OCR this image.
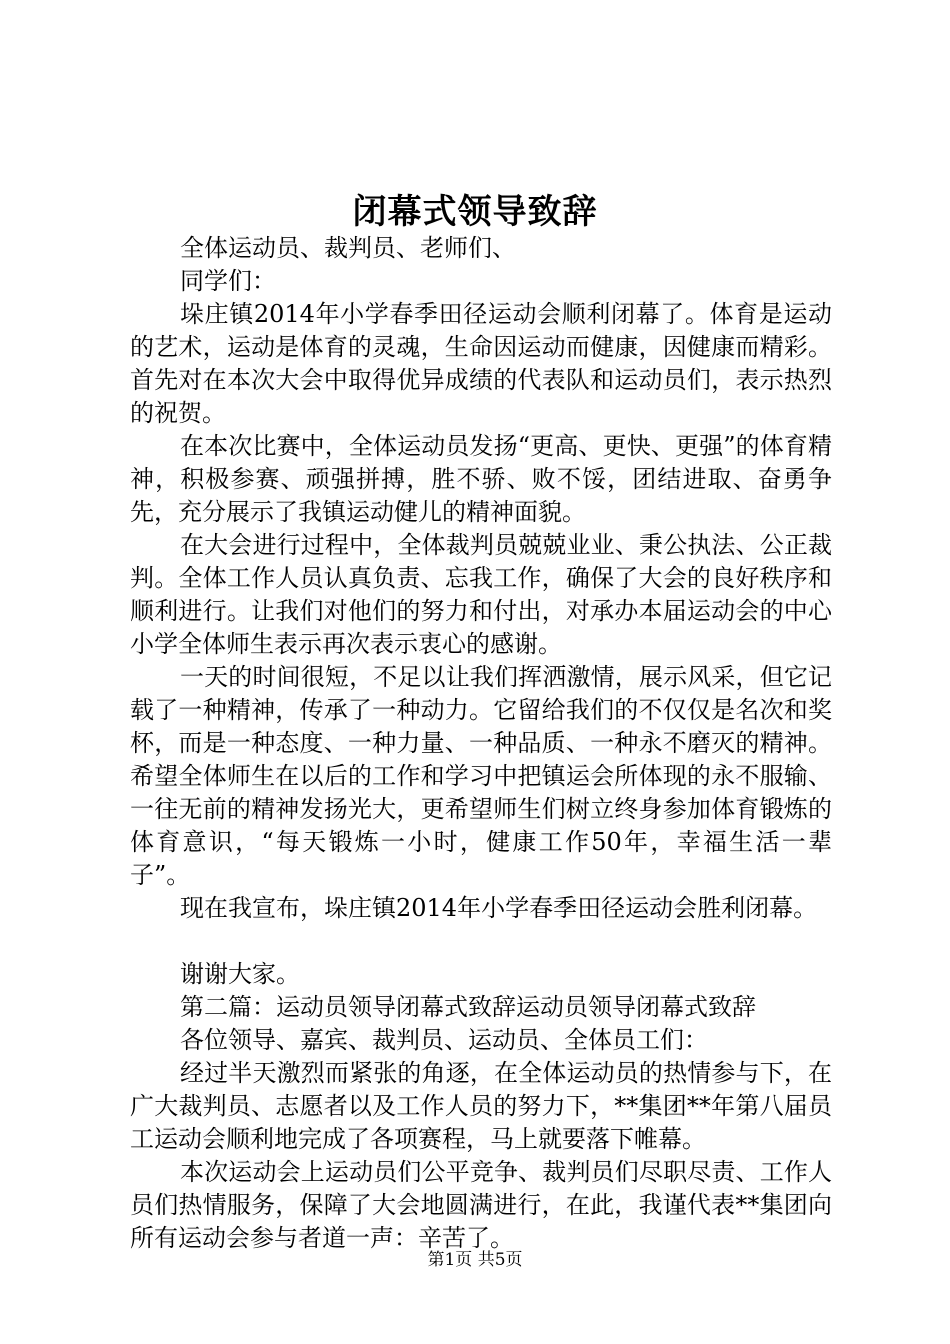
闭幕式领导致辞

全体运动员、裁判员、老师们、

同学们：

垛庄镇2014年小学春季田径运动会顺利闭幕了。体育是运动的艺术，运动是体育的灵魂，生命因运动而健康，因健康而精彩。首先对在本次大会中取得优异成绩的代表队和运动员们，表示热烈的祝贺。

在本次比赛中，全体运动员发扬“更高、更快、更强”的体育精神，积极参赛、顽强拼搏，胜不骄、败不馁，团结进取、奋勇争先，充分展示了我镇运动健儿的精神面貌。

在大会进行过程中，全体裁判员兢兢业业、秉公执法、公正裁判。全体工作人员认真负责、忘我工作，确保了大会的良好秩序和顺利进行。让我们对他们的努力和付出，对承办本届运动会的中心小学全体师生表示再次表示衷心的感谢。

一天的时间很短，不足以让我们挥洒激情，展示风采，但它记载了一种精神，传承了一种动力。它留给我们的不仅仅是名次和奖杯，而是一种态度、一种力量、一种品质、一种永不磨灭的精神。希望全体师生在以后的工作和学习中把镇运会所体现的永不服输、一往无前的精神发扬光大，更希望师生们树立终身参加体育锻炼的体育意识，“每天锻炼一小时，健康工作50年，幸福生活一辈子”。

现在我宣布，垛庄镇2014年小学春季田径运动会胜利闭幕。

谢谢大家。

第二篇：运动员领导闭幕式致辞运动员领导闭幕式致辞

各位领导、嘉宾、裁判员、运动员、全体员工们：

经过半天激烈而紧张的角逐，在全体运动员的热情参与下，在广大裁判员、志愿者以及工作人员的努力下，**集团**年第八届员工运动会顺利地完成了各项赛程，马上就要落下帷幕。

本次运动会上运动员们公平竞争、裁判员们尽职尽责、工作人员们热情服务，保障了大会地圆满进行，在此，我谨代表**集团向所有运动会参与者道一声：辛苦了。

第1页 共5页
